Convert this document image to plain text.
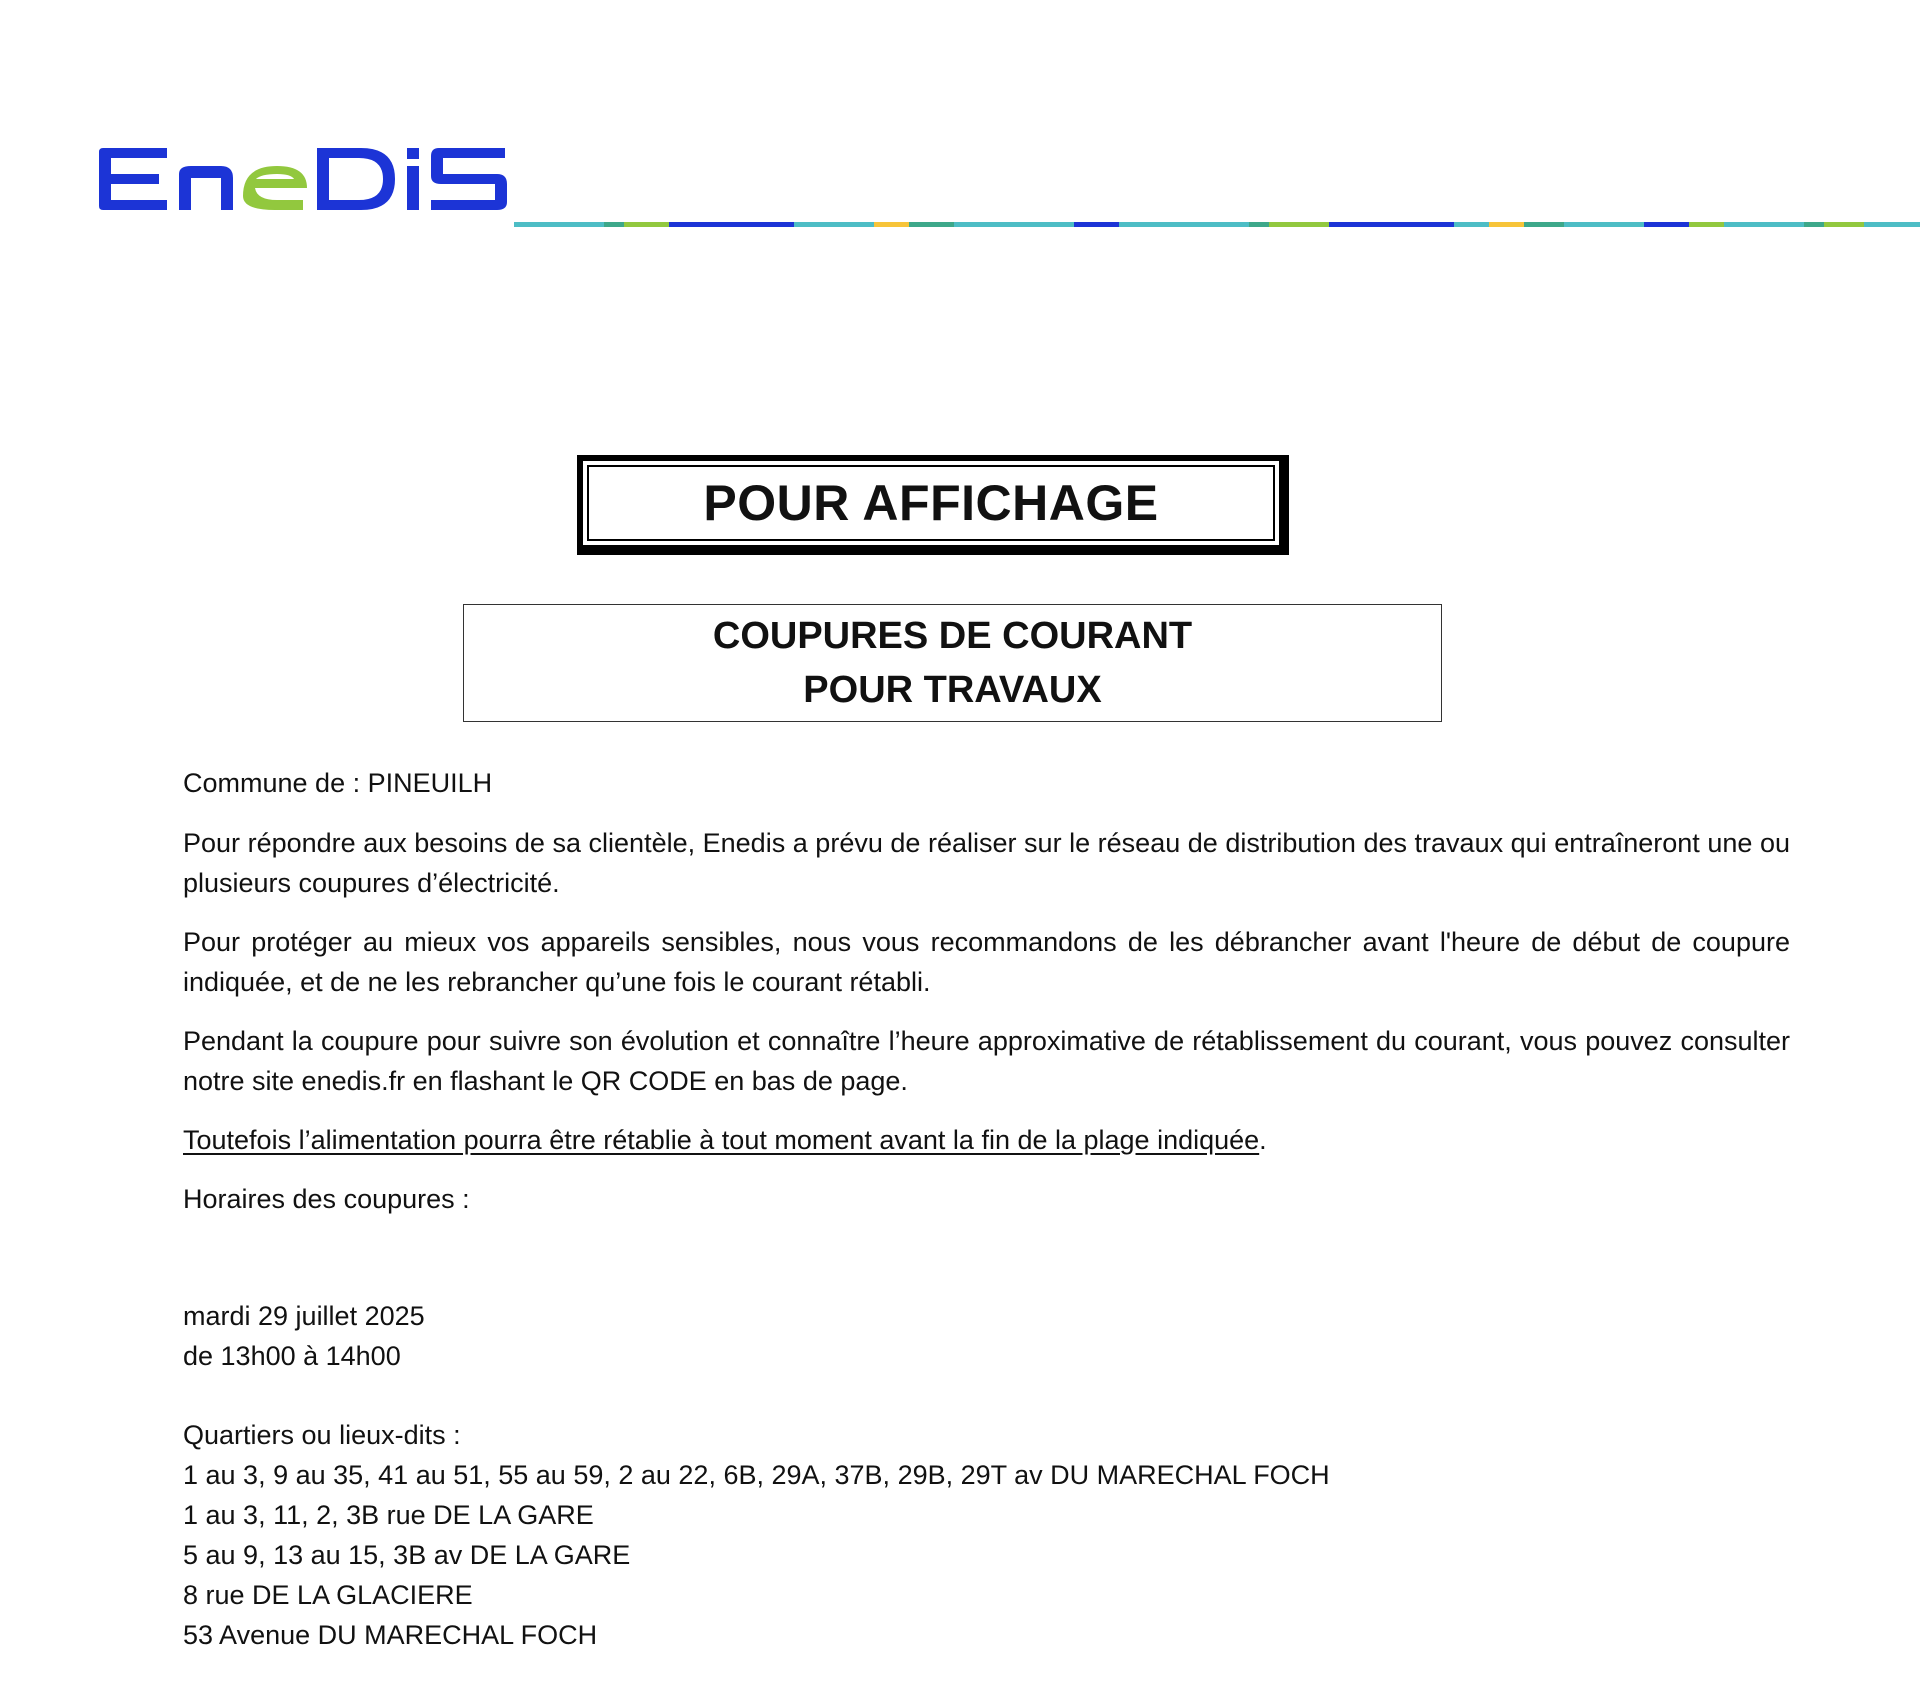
POUR AFFICHAGE
COUPURES DE COURANT
POUR TRAVAUX

Commune de : PINEUILH

Pour répondre aux besoins de sa clientèle, Enedis a prévu de réaliser sur le réseau de distribution des travaux qui entraîneront une ou plusieurs coupures d’électricité.

Pour protéger au mieux vos appareils sensibles, nous vous recommandons de les débrancher avant l'heure de début de coupure indiquée, et de ne les rebrancher qu’une fois le courant rétabli.

Pendant la coupure pour suivre son évolution et connaître l’heure approximative de rétablissement du courant, vous pouvez consulter notre site enedis.fr en flashant le QR CODE en bas de page.

Toutefois l’alimentation pourra être rétablie à tout moment avant la fin de la plage indiquée.

Horaires des coupures :

mardi 29 juillet 2025

de 13h00 à 14h00

Quartiers ou lieux-dits :

1 au 3, 9 au 35, 41 au 51, 55 au 59, 2 au 22, 6B, 29A, 37B, 29B, 29T av DU MARECHAL FOCH

1 au 3, 11, 2, 3B rue DE LA GARE

5 au 9, 13 au 15, 3B av DE LA GARE

8 rue DE LA GLACIERE

53 Avenue DU MARECHAL FOCH
